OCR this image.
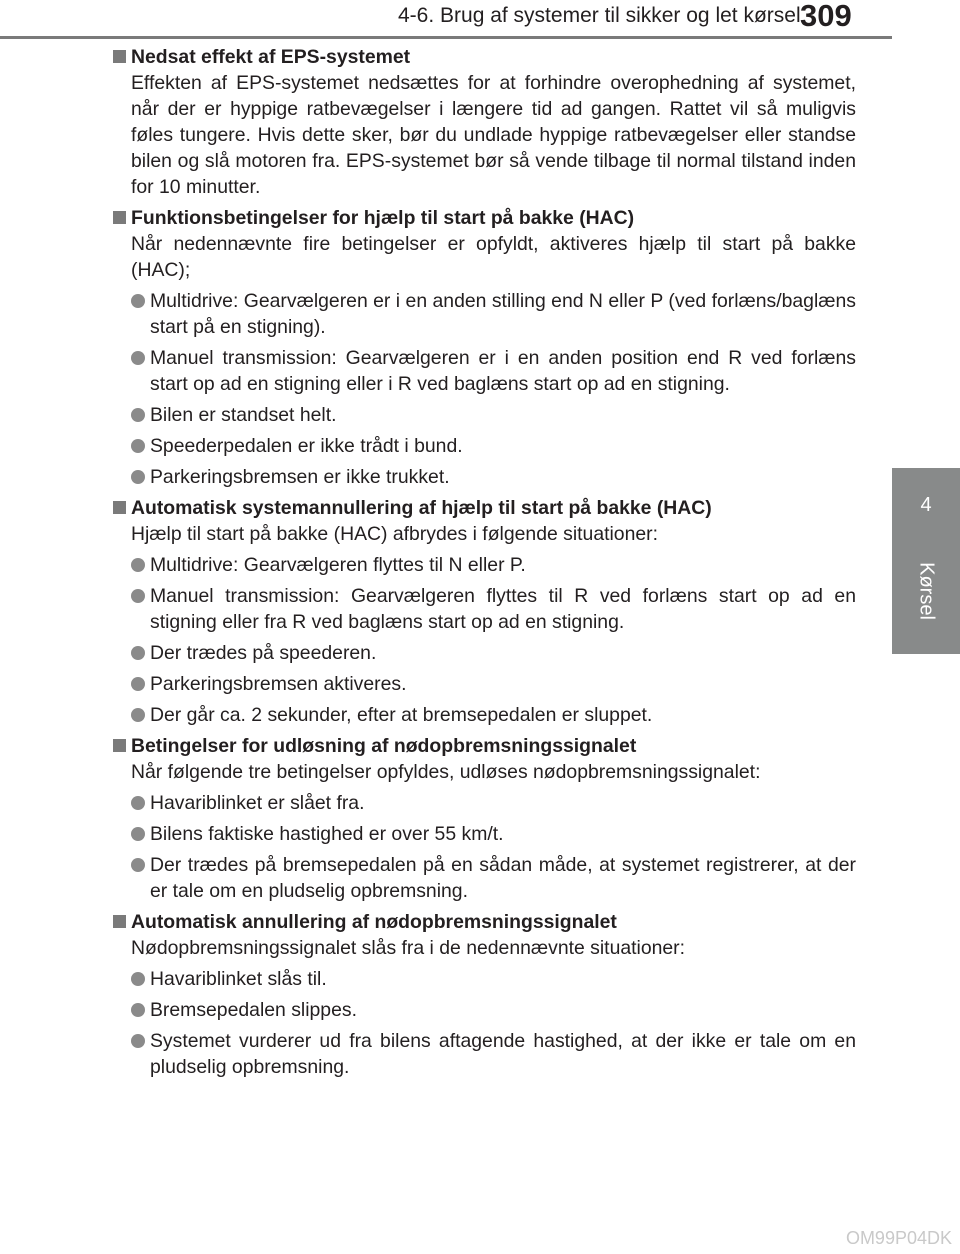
4-6. Brug af systemer til sikker og let kørsel 309
4
Kørsel
Nedsat effekt af EPS-systemet
Effekten af EPS-systemet nedsættes for at forhindre overophedning af systemet, når der er hyppige ratbevægelser i længere tid ad gangen. Rattet vil så muligvis føles tungere. Hvis dette sker, bør du undlade hyppige ratbevægelser eller standse bilen og slå motoren fra. EPS-systemet bør så vende tilbage til normal tilstand inden for 10 minutter.
Funktionsbetingelser for hjælp til start på bakke (HAC)
Når nedennævnte fire betingelser er opfyldt, aktiveres hjælp til start på bakke (HAC);
Multidrive: Gearvælgeren er i en anden stilling end N eller P (ved forlæns/baglæns start på en stigning).
Manuel transmission: Gearvælgeren er i en anden position end R ved forlæns start op ad en stigning eller i R ved baglæns start op ad en stigning.
Bilen er standset helt.
Speederpedalen er ikke trådt i bund.
Parkeringsbremsen er ikke trukket.
Automatisk systemannullering af hjælp til start på bakke (HAC)
Hjælp til start på bakke (HAC) afbrydes i følgende situationer:
Multidrive: Gearvælgeren flyttes til N eller P.
Manuel transmission: Gearvælgeren flyttes til R ved forlæns start op ad en stigning eller fra R ved baglæns start op ad en stigning.
Der trædes på speederen.
Parkeringsbremsen aktiveres.
Der går ca. 2 sekunder, efter at bremsepedalen er sluppet.
Betingelser for udløsning af nødopbremsningssignalet
Når følgende tre betingelser opfyldes, udløses nødopbremsningssignalet:
Havariblinket er slået fra.
Bilens faktiske hastighed er over 55 km/t.
Der trædes på bremsepedalen på en sådan måde, at systemet registrerer, at der er tale om en pludselig opbremsning.
Automatisk annullering af nødopbremsningssignalet
Nødopbremsningssignalet slås fra i de nedennævnte situationer:
Havariblinket slås til.
Bremsepedalen slippes.
Systemet vurderer ud fra bilens aftagende hastighed, at der ikke er tale om en pludselig opbremsning.
OM99P04DK
